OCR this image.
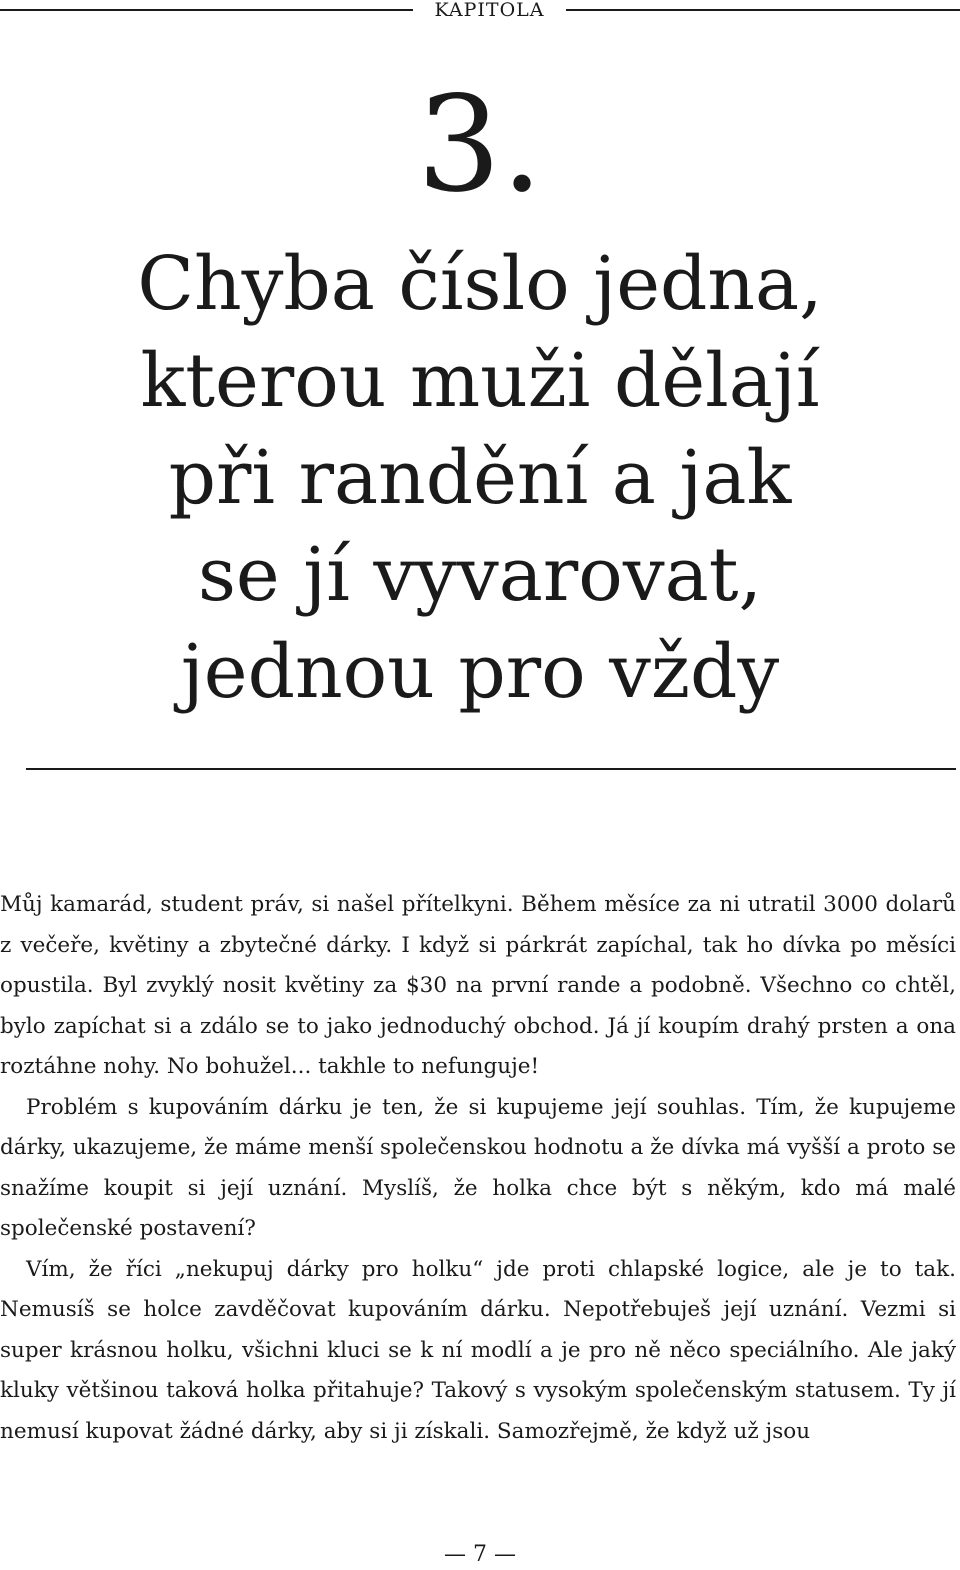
KAPITOLA
3.
Chyba číslo jedna,
kterou muži dělají
při randění a jak
se jí vyvarovat,
jednou pro vždy

Můj kamarád, student práv, si našel přítelkyni. Během měsíce za ni utratil 3000 dolarů z večeře, květiny a zbytečné dárky. I když si párkrát zapíchal, tak ho dívka po měsíci opustila. Byl zvyklý nosit květiny za $30 na první rande a podobně. Všechno co chtěl, bylo zapíchat si a zdálo se to jako jednoduchý obchod. Já jí koupím drahý prsten a ona roztáhne nohy. No bohužel... takhle to nefunguje!

Problém s kupováním dárku je ten, že si kupujeme její souhlas. Tím, že kupujeme dárky, ukazujeme, že máme menší společenskou hodnotu a že dívka má vyšší a proto se snažíme koupit si její uznání. Myslíš, že holka chce být s někým, kdo má malé společenské postavení?

Vím, že říci „nekupuj dárky pro holku“ jde proti chlapské logice, ale je to tak. Nemusíš se holce zavděčovat kupováním dárku. Nepotřebuješ její uznání. Vezmi si super krásnou holku, všichni kluci se k ní modlí a je pro ně něco speciálního. Ale jaký kluky většinou taková holka přitahuje? Takový s vysokým společenským statusem. Ty jí nemusí kupovat žádné dárky, aby si ji získali. Samozřejmě, že když už jsou

— 7 —
